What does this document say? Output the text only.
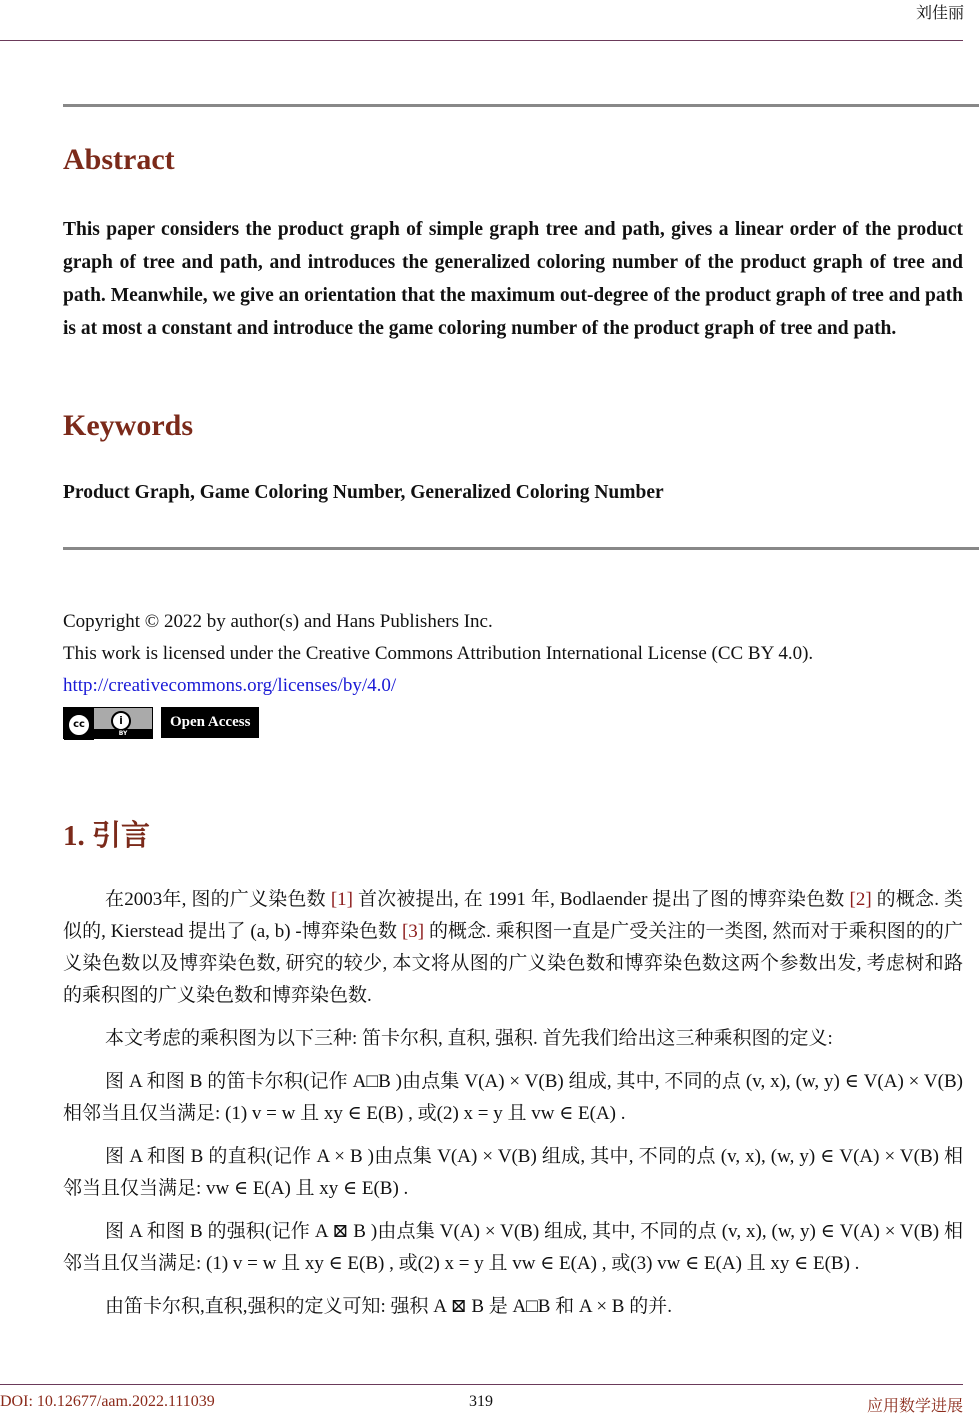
刘佳丽
Abstract
This paper considers the product graph of simple graph tree and path, gives a linear order of the product graph of tree and path, and introduces the generalized coloring number of the product graph of tree and path. Meanwhile, we give an orientation that the maximum out-degree of the product graph of tree and path is at most a constant and introduce the game coloring number of the product graph of tree and path.
Keywords
Product Graph, Game Coloring Number, Generalized Coloring Number
Copyright © 2022 by author(s) and Hans Publishers Inc.
This work is licensed under the Creative Commons Attribution International License (CC BY 4.0).
http://creativecommons.org/licenses/by/4.0/
cc	i
BY
Open Access
1. 引言

在2003年, 图的广义染色数 [1] 首次被提出, 在 1991 年, Bodlaender 提出了图的博弈染色数 [2] 的概念. 类似的, Kierstead 提出了 (a, b) -博弈染色数 [3] 的概念. 乘积图一直是广受关注的一类图, 然而对于乘积图的的广义染色数以及博弈染色数, 研究的较少, 本文将从图的广义染色数和博弈染色数这两个参数出发, 考虑树和路的乘积图的广义染色数和博弈染色数.

本文考虑的乘积图为以下三种: 笛卡尔积, 直积, 强积. 首先我们给出这三种乘积图的定义:

图 A 和图 B 的笛卡尔积(记作 A□B )由点集 V(A) × V(B) 组成, 其中, 不同的点 (v, x), (w, y) ∈ V(A) × V(B) 相邻当且仅当满足: (1) v = w 且 xy ∈ E(B) , 或(2) x = y 且 vw ∈ E(A) .

图 A 和图 B 的直积(记作 A × B )由点集 V(A) × V(B) 组成, 其中, 不同的点 (v, x), (w, y) ∈ V(A) × V(B) 相邻当且仅当满足: vw ∈ E(A) 且 xy ∈ E(B) .

图 A 和图 B 的强积(记作 A ⊠ B )由点集 V(A) × V(B) 组成, 其中, 不同的点 (v, x), (w, y) ∈ V(A) × V(B) 相邻当且仅当满足: (1) v = w 且 xy ∈ E(B) , 或(2) x = y 且 vw ∈ E(A) , 或(3) vw ∈ E(A) 且 xy ∈ E(B) .

由笛卡尔积,直积,强积的定义可知: 强积 A ⊠ B 是 A□B 和 A × B 的并.

DOI: 10.12677/aam.2022.111039	319	应用数学进展
